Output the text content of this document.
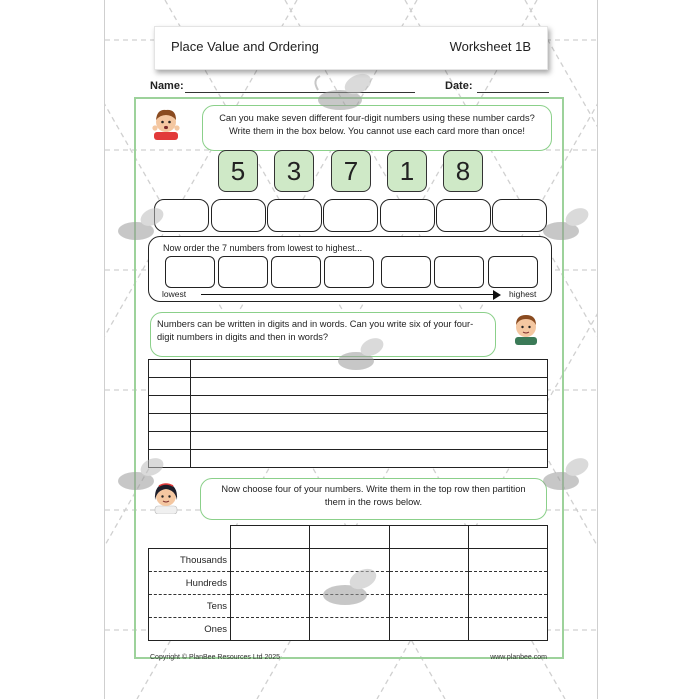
Place Value and Ordering	Worksheet 1B
Name:	Date:
Can you make seven different four-digit numbers using these number cards?
Write them in the box below. You cannot use each card more than once!
5	3	7	1	8
Now order the 7 numbers from lowest to highest...
lowest	highest
Numbers can be written in digits and in words. Can you write six of your four-
digit numbers in digits and then in words?

Now choose four of your numbers. Write them in the top row then partition
them in the rows below.

Thousands				
Hundreds				
Tens				
Ones				
Copyright © PlanBee Resources Ltd 2025	www.planbee.com
